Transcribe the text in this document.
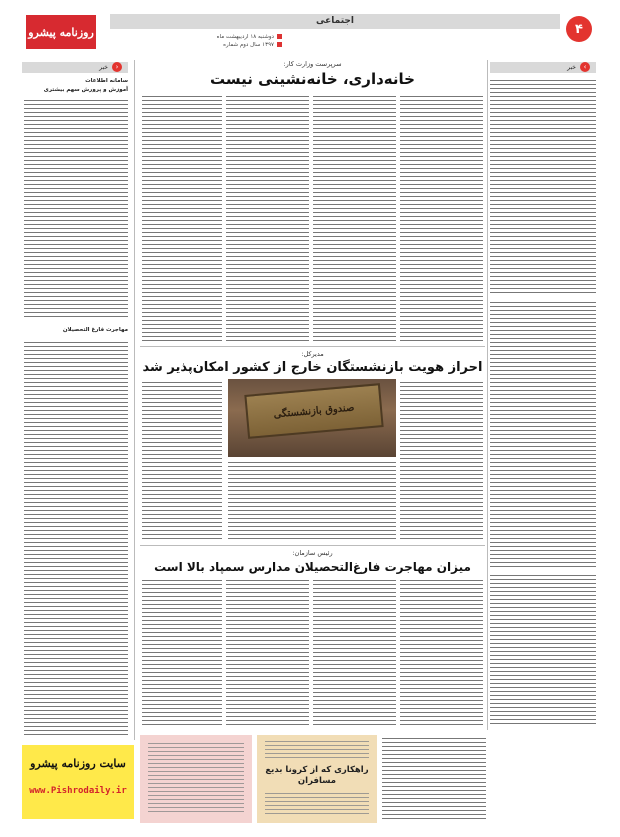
۴
اجتماعی
دوشنبه ۱۸ اردیبهشت ماه
۱۳۹۷ سال دوم شماره
روزنامه پیشرو
›خبر
‹خبر
سامانه اطلاعات
آموزش و پرورش سهم بیشتری
مهاجرت فارغ التحصیلان
سرپرست وزارت کار:
خانه‌داری، خانه‌نشینی نیست
مدیرکل:
احراز هویت بازنشستگان خارج از کشور امکان‌پذیر شد
صندوق بازنشستگی
رئیس سازمان:
میزان مهاجرت فارغ‌التحصیلان مدارس سمپاد بالا است
راهکاری که از کرونا بدیع مسافران
سایت روزنامه پیشرو
www.Pishrodaily.ir
